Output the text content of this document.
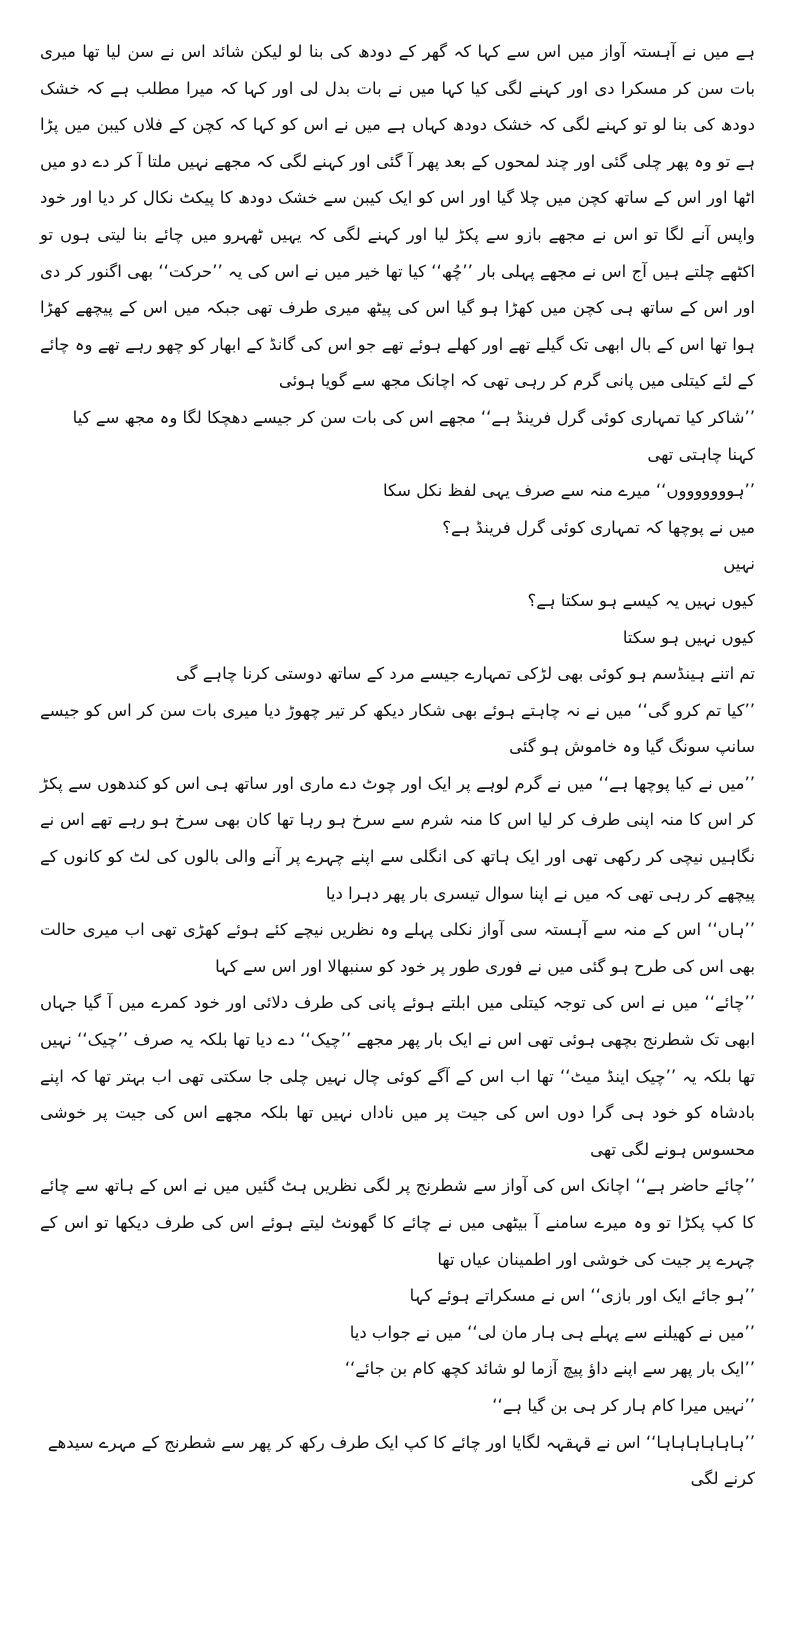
ہے میں نے آہستہ آواز میں اس سے کہا کہ گھر کے دودھ کی بنا لو لیکن شائد اس نے سن لیا تھا میری بات سن کر مسکرا دی اور کہنے لگی کیا کہا میں نے بات بدل لی اور کہا کہ میرا مطلب ہے کہ خشک دودھ کی بنا لو تو کہنے لگی کہ خشک دودھ کہاں ہے میں نے اس کو کہا کہ کچن کے فلاں کیبن میں پڑا ہے تو وہ پھر چلی گئی اور چند لمحوں کے بعد پھر آ گئی اور کہنے لگی کہ مجھے نہیں ملتا آ کر دے دو میں اٹھا اور اس کے ساتھ کچن میں چلا گیا اور اس کو ایک کیبن سے خشک دودھ کا پیکٹ نکال کر دیا اور خود واپس آنے لگا تو اس نے مجھے بازو سے پکڑ لیا اور کہنے لگی کہ یہیں ٹھہرو میں چائے بنا لیتی ہوں تو اکٹھے چلتے ہیں آج اس نے مجھے پہلی بار ’’چُھ‘‘ کیا تھا خیر میں نے اس کی یہ ’’حرکت‘‘ بھی اگنور کر دی اور اس کے ساتھ ہی کچن میں کھڑا ہو گیا اس کی پیٹھ میری طرف تھی جبکہ میں اس کے پیچھے کھڑا ہوا تھا اس کے بال ابھی تک گیلے تھے اور کھلے ہوئے تھے جو اس کی گانڈ کے ابھار کو چھو رہے تھے وہ چائے کے لئے کیتلی میں پانی گرم کر رہی تھی کہ اچانک مجھ سے گویا ہوئی

’’شاکر کیا تمہاری کوئی گرل فرینڈ ہے‘‘ مجھے اس کی بات سن کر جیسے دھچکا لگا وہ مجھ سے کیا کہنا چاہتی تھی

’’ہوووووووں‘‘ میرے منہ سے صرف یہی لفظ نکل سکا

میں نے پوچھا کہ تمہاری کوئی گرل فرینڈ ہے؟

نہیں

کیوں نہیں یہ کیسے ہو سکتا ہے؟

کیوں نہیں ہو سکتا

تم اتنے ہینڈسم ہو کوئی بھی لڑکی تمہارے جیسے مرد کے ساتھ دوستی کرنا چاہے گی

’’کیا تم کرو گی‘‘ میں نے نہ چاہتے ہوئے بھی شکار دیکھ کر تیر چھوڑ دیا میری بات سن کر اس کو جیسے سانپ سونگ گیا وہ خاموش ہو گئی

’’میں نے کیا پوچھا ہے‘‘ میں نے گرم لوہے پر ایک اور چوٹ دے ماری اور ساتھ ہی اس کو کندھوں سے پکڑ کر اس کا منہ اپنی طرف کر لیا اس کا منہ شرم سے سرخ ہو رہا تھا کان بھی سرخ ہو رہے تھے اس نے نگاہیں نیچی کر رکھی تھی اور ایک ہاتھ کی انگلی سے اپنے چہرے پر آنے والی بالوں کی لٹ کو کانوں کے پیچھے کر رہی تھی کہ میں نے اپنا سوال تیسری بار پھر دہرا دیا

’’ہاں‘‘ اس کے منہ سے آہستہ سی آواز نکلی پہلے وہ نظریں نیچے کئے ہوئے کھڑی تھی اب میری حالت بھی اس کی طرح ہو گئی میں نے فوری طور پر خود کو سنبھالا اور اس سے کہا

’’چائے‘‘ میں نے اس کی توجہ کیتلی میں ابلتے ہوئے پانی کی طرف دلائی اور خود کمرے میں آ گیا جہاں ابھی تک شطرنج بچھی ہوئی تھی اس نے ایک بار پھر مجھے ’’چیک‘‘ دے دیا تھا بلکہ یہ صرف ’’چیک‘‘ نہیں تھا بلکہ یہ ’’چیک اینڈ میٹ‘‘ تھا اب اس کے آگے کوئی چال نہیں چلی جا سکتی تھی اب بہتر تھا کہ اپنے بادشاہ کو خود ہی گرا دوں اس کی جیت پر میں ناداں نہیں تھا بلکہ مجھے اس کی جیت پر خوشی محسوس ہونے لگی تھی

’’چائے حاضر ہے‘‘ اچانک اس کی آواز سے شطرنج پر لگی نظریں ہٹ گئیں میں نے اس کے ہاتھ سے چائے کا کپ پکڑا تو وہ میرے سامنے آ بیٹھی میں نے چائے کا گھونٹ لیتے ہوئے اس کی طرف دیکھا تو اس کے چہرے پر جیت کی خوشی اور اطمینان عیاں تھا

’’ہو جائے ایک اور بازی‘‘ اس نے مسکراتے ہوئے کہا

’’میں نے کھیلنے سے پہلے ہی ہار مان لی‘‘ میں نے جواب دیا

’’ایک بار پھر سے اپنے داؤ پیچ آزما لو شائد کچھ کام بن جائے‘‘

’’نہیں میرا کام ہار کر ہی بن گیا ہے‘‘

’’ہاہاہاہاہاہا‘‘ اس نے قہقہہ لگایا اور چائے کا کپ ایک طرف رکھ کر پھر سے شطرنج کے مہرے سیدھے کرنے لگی
